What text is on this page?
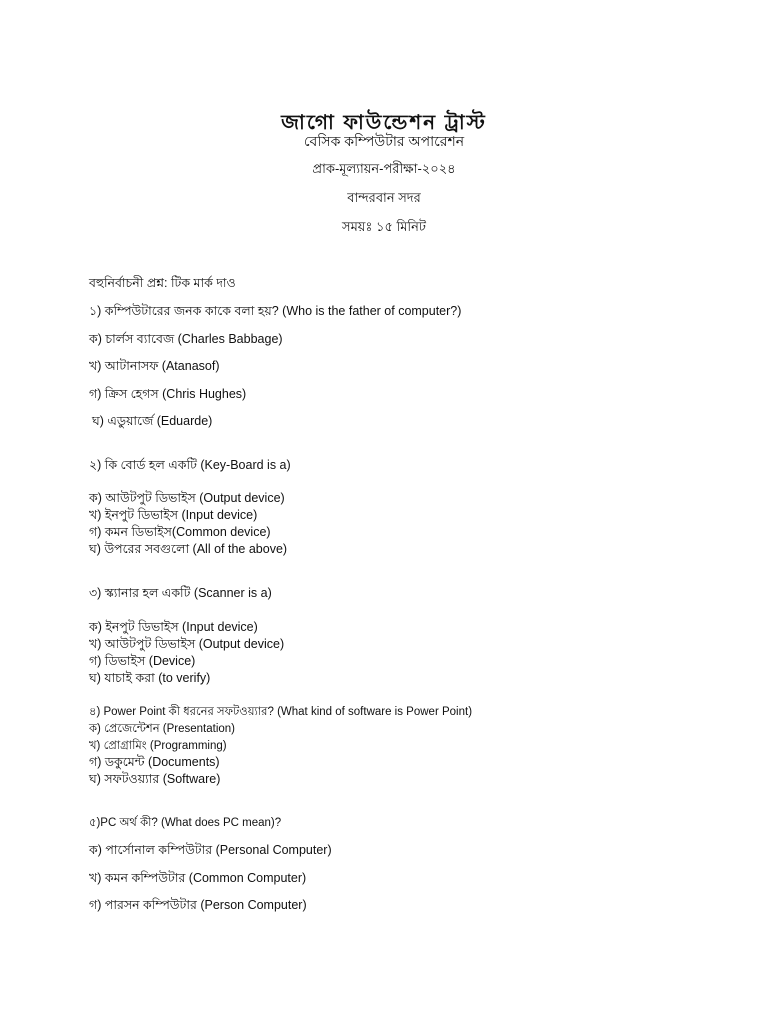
জাগো ফাউন্ডেশন ট্রাস্ট
বেসিক কম্পিউটার অপারেশন
প্রাক-মূল্যায়ন-পরীক্ষা-২০২৪
বান্দরবান সদর
সময়ঃ ১৫ মিনিট
বহুনির্বাচনী প্রশ্ন: টিক মার্ক দাও
১) কম্পিউটারের জনক কাকে বলা হয়? (Who is the father of computer?)
ক) চার্লস ব্যাবেজ (Charles Babbage)
খ) আটানাসফ (Atanasof)
গ) ক্রিস হেগস (Chris Hughes)
ঘ) এডুয়ার্জে (Eduarde)
২) কি বোর্ড হল একটি (Key-Board is a)
ক) আউটপুট ডিভাইস (Output device)
খ) ইনপুট ডিভাইস (Input device)
গ) কমন ডিভাইস(Common device)
ঘ) উপরের সবগুলো (All of the above)
৩) স্ক্যানার হল একটি (Scanner is a)
ক) ইনপুট ডিভাইস (Input device)
খ) আউটপুট ডিভাইস (Output device)
গ) ডিভাইস (Device)
ঘ) যাচাই করা (to verify)
৪) Power Point কী ধরনের সফটওয়্যার? (What kind of software is Power Point)
ক) প্রেজেন্টেশন (Presentation)
খ) প্রোগ্রামিং (Programming)
গ) ডকুমেন্ট (Documents)
ঘ) সফটওয়্যার (Software)
৫)PC অর্থ কী? (What does PC mean)?
ক) পার্সোনাল কম্পিউটার (Personal Computer)
খ) কমন কম্পিউটার (Common Computer)
গ) পারসন কম্পিউটার (Person Computer)
